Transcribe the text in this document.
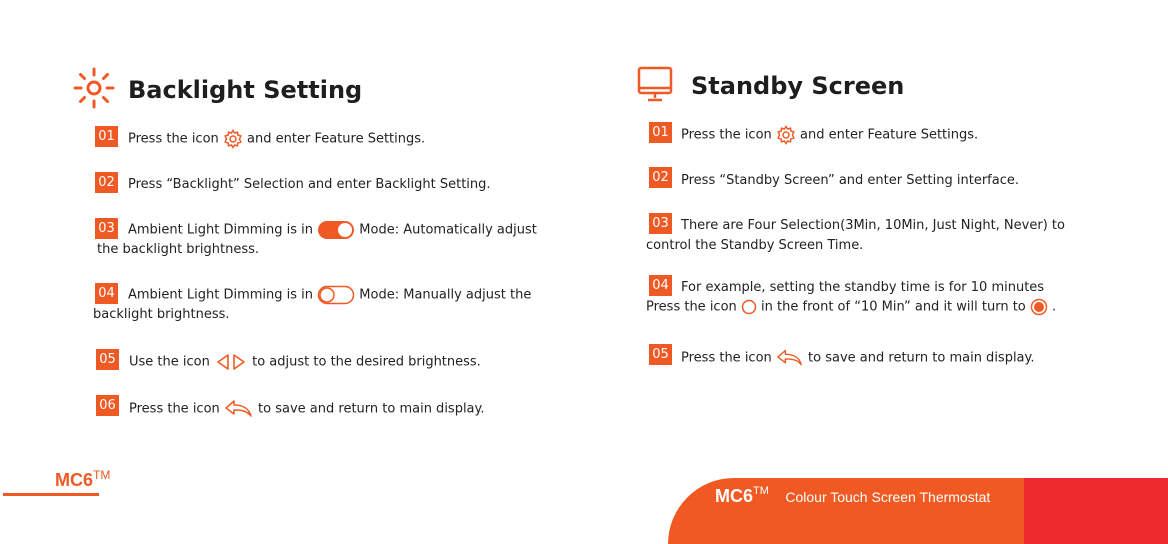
Backlight Setting
01 Press the icon and enter Feature Settings.
02 Press “Backlight” Selection and enter Backlight Setting.
03 Ambient Light Dimming is in	Mode: Automatically adjust
the backlight brightness.
04 Ambient Light Dimming is in	Mode: Manually adjust the
backlight brightness.
05 Use the icon	to adjust to the desired brightness.
06 Press the icon	to save and return to main display.
Standby Screen
01 Press the icon and enter Feature Settings.
02 Press “Standby Screen” and enter Setting interface.
03 There are Four Selection(3Min, 10Min, Just Night, Never) to
control the Standby Screen Time.
04 For example, setting the standby time is for 10 minutes
Press the icon in the front of “10 Min” and it will turn to .
05 Press the icon	to save and return to main display.
MC6™
MC6™ Colour Touch Screen Thermostat
